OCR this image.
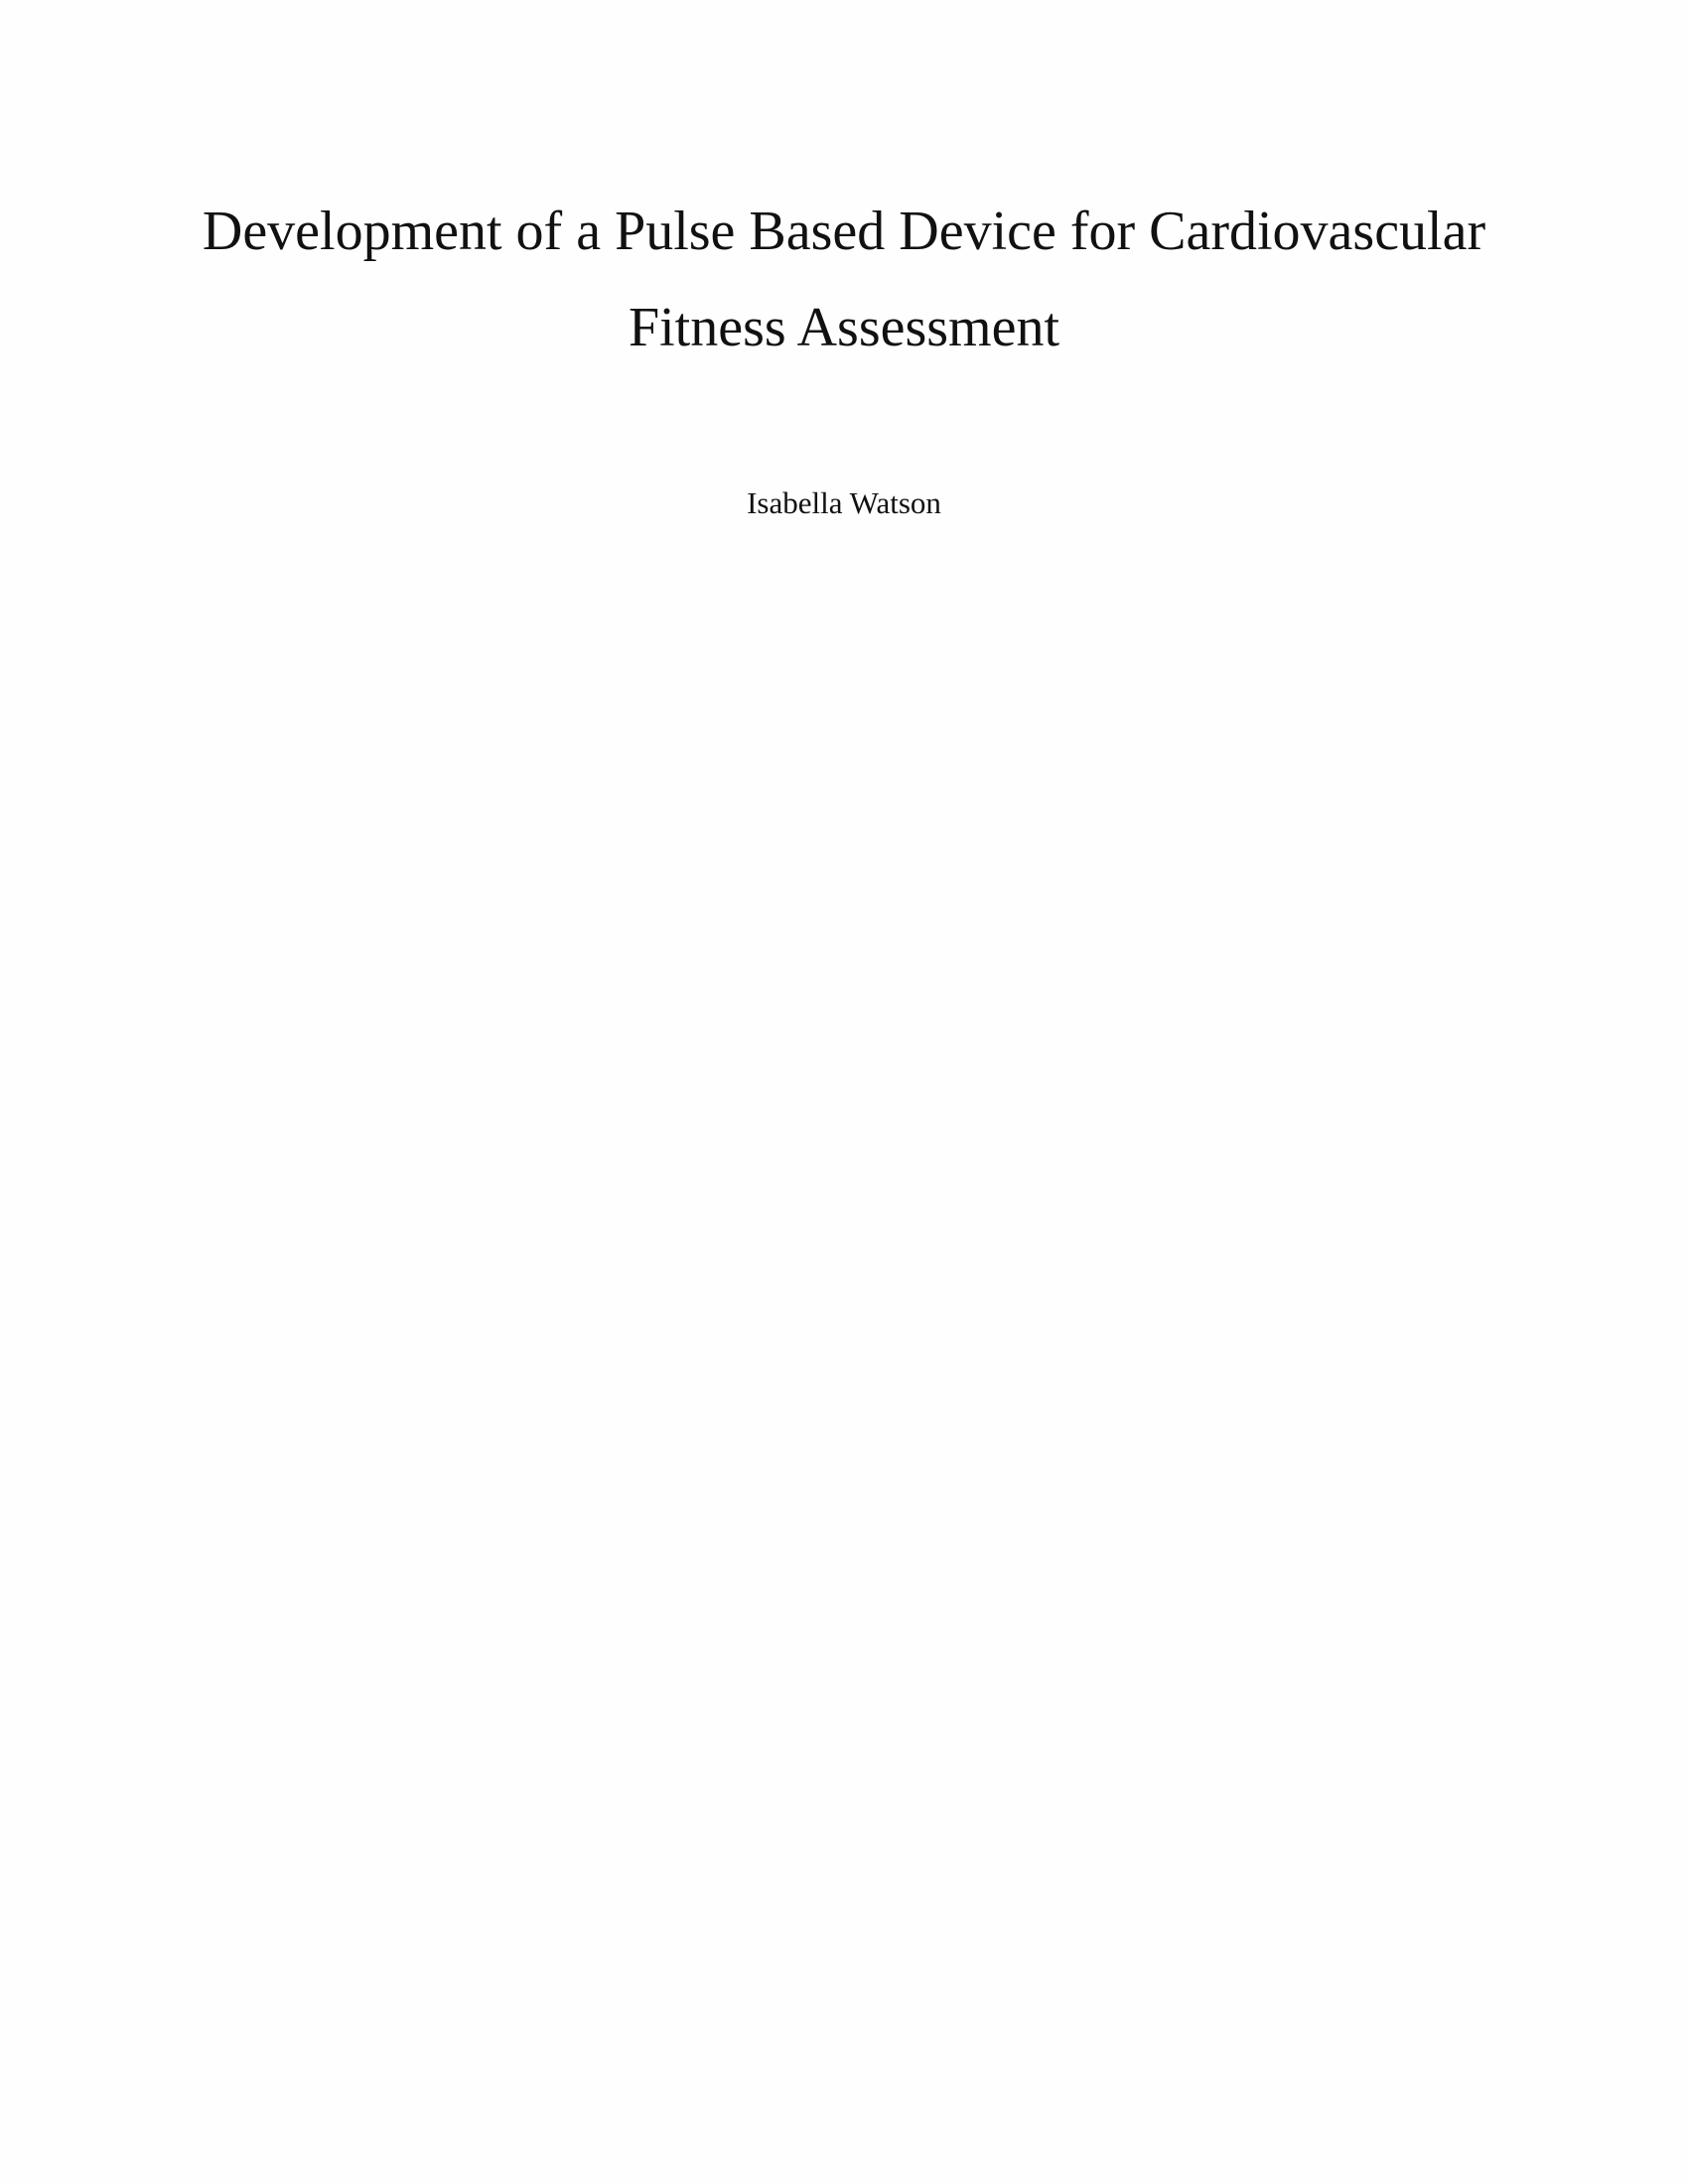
Development of a Pulse Based Device for Cardiovascular
Fitness Assessment
Isabella Watson
